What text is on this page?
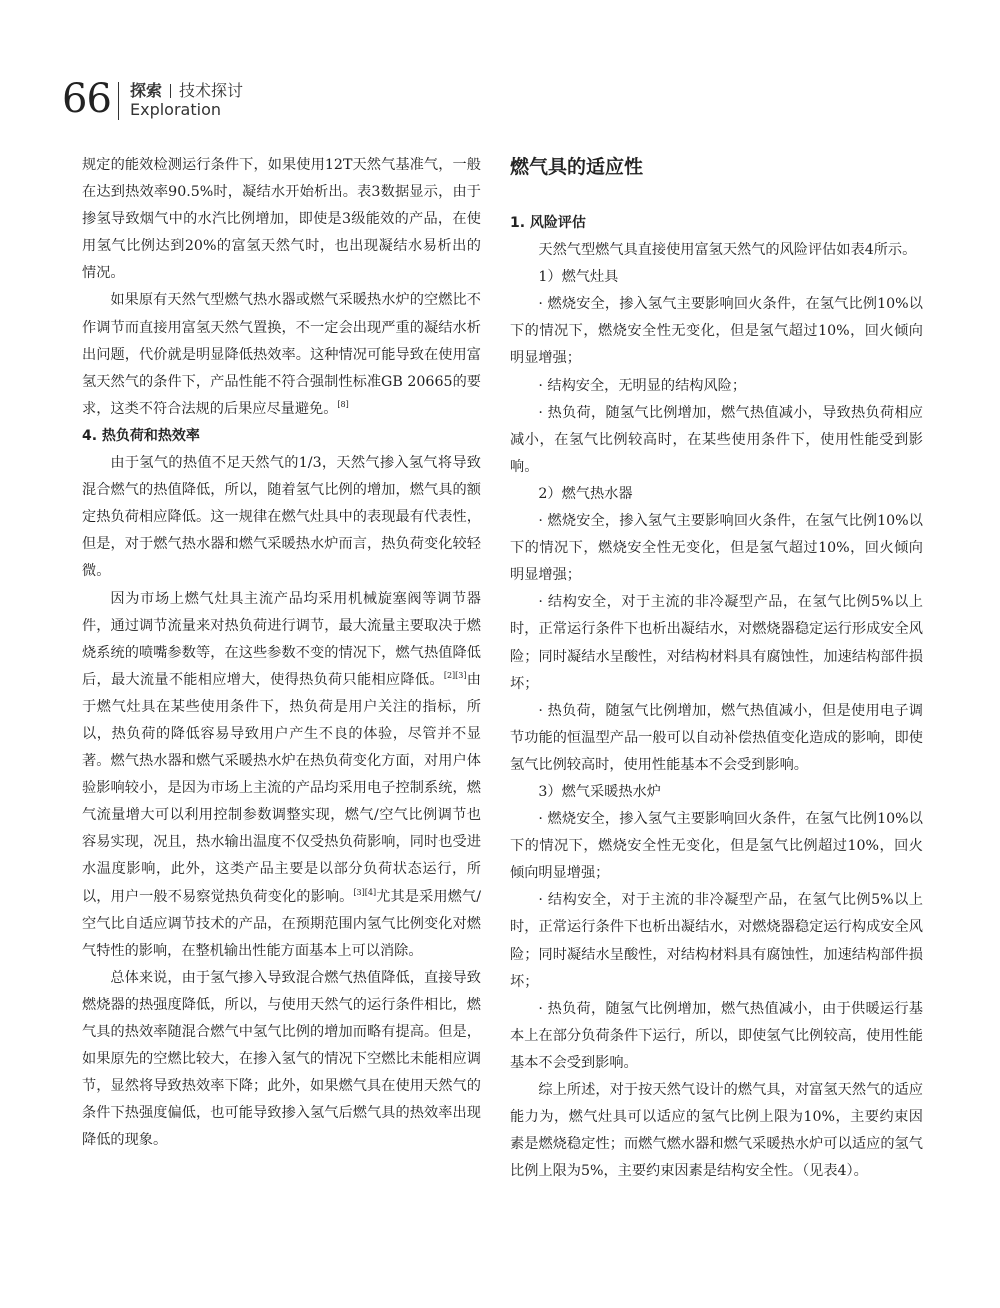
66 探索 技术探讨
Exploration

规定的能效检测运行条件下，如果使用12T天然气基准气，一般在达到热效率90.5%时，凝结水开始析出。表3数据显示，由于掺氢导致烟气中的水汽比例增加，即使是3级能效的产品，在使用氢气比例达到20%的富氢天然气时，也出现凝结水易析出的情况。

如果原有天然气型燃气热水器或燃气采暖热水炉的空燃比不作调节而直接用富氢天然气置换，不一定会出现严重的凝结水析出问题，代价就是明显降低热效率。这种情况可能导致在使用富氢天然气的条件下，产品性能不符合强制性标准GB 20665的要求，这类不符合法规的后果应尽量避免。[8]

4. 热负荷和热效率

由于氢气的热值不足天然气的1/3，天然气掺入氢气将导致混合燃气的热值降低，所以，随着氢气比例的增加，燃气具的额定热负荷相应降低。这一规律在燃气灶具中的表现最有代表性，但是，对于燃气热水器和燃气采暖热水炉而言，热负荷变化较轻微。

因为市场上燃气灶具主流产品均采用机械旋塞阀等调节器件，通过调节流量来对热负荷进行调节，最大流量主要取决于燃烧系统的喷嘴参数等，在这些参数不变的情况下，燃气热值降低后，最大流量不能相应增大，使得热负荷只能相应降低。[2][3]由于燃气灶具在某些使用条件下，热负荷是用户关注的指标，所以，热负荷的降低容易导致用户产生不良的体验，尽管并不显著。燃气热水器和燃气采暖热水炉在热负荷变化方面，对用户体验影响较小，是因为市场上主流的产品均采用电子控制系统，燃气流量增大可以利用控制参数调整实现，燃气/空气比例调节也容易实现，况且，热水输出温度不仅受热负荷影响，同时也受进水温度影响，此外，这类产品主要是以部分负荷状态运行，所以，用户一般不易察觉热负荷变化的影响。[3][4]尤其是采用燃气/空气比自适应调节技术的产品，在预期范围内氢气比例变化对燃气特性的影响，在整机输出性能方面基本上可以消除。

总体来说，由于氢气掺入导致混合燃气热值降低，直接导致燃烧器的热强度降低，所以，与使用天然气的运行条件相比，燃气具的热效率随混合燃气中氢气比例的增加而略有提高。但是，如果原先的空燃比较大，在掺入氢气的情况下空燃比未能相应调节，显然将导致热效率下降；此外，如果燃气具在使用天然气的条件下热强度偏低，也可能导致掺入氢气后燃气具的热效率出现降低的现象。

燃气具的适应性
1. 风险评估

天然气型燃气具直接使用富氢天然气的风险评估如表4所示。

1）燃气灶具

· 燃烧安全，掺入氢气主要影响回火条件，在氢气比例10%以下的情况下，燃烧安全性无变化，但是氢气超过10%，回火倾向明显增强；

· 结构安全，无明显的结构风险；

· 热负荷，随氢气比例增加，燃气热值减小，导致热负荷相应减小，在氢气比例较高时，在某些使用条件下，使用性能受到影响。

2）燃气热水器

· 燃烧安全，掺入氢气主要影响回火条件，在氢气比例10%以下的情况下，燃烧安全性无变化，但是氢气超过10%，回火倾向明显增强；

· 结构安全，对于主流的非冷凝型产品，在氢气比例5%以上时，正常运行条件下也析出凝结水，对燃烧器稳定运行形成安全风险；同时凝结水呈酸性，对结构材料具有腐蚀性，加速结构部件损坏；

· 热负荷，随氢气比例增加，燃气热值减小，但是使用电子调节功能的恒温型产品一般可以自动补偿热值变化造成的影响，即使氢气比例较高时，使用性能基本不会受到影响。

3）燃气采暖热水炉

· 燃烧安全，掺入氢气主要影响回火条件，在氢气比例10%以下的情况下，燃烧安全性无变化，但是氢气比例超过10%，回火倾向明显增强；

· 结构安全，对于主流的非冷凝型产品，在氢气比例5%以上时，正常运行条件下也析出凝结水，对燃烧器稳定运行构成安全风险；同时凝结水呈酸性，对结构材料具有腐蚀性，加速结构部件损坏；

· 热负荷，随氢气比例增加，燃气热值减小，由于供暖运行基本上在部分负荷条件下运行，所以，即使氢气比例较高，使用性能基本不会受到影响。

综上所述，对于按天然气设计的燃气具，对富氢天然气的适应能力为，燃气灶具可以适应的氢气比例上限为10%，主要约束因素是燃烧稳定性；而燃气燃水器和燃气采暖热水炉可以适应的氢气比例上限为5%，主要约束因素是结构安全性。（见表4）。
